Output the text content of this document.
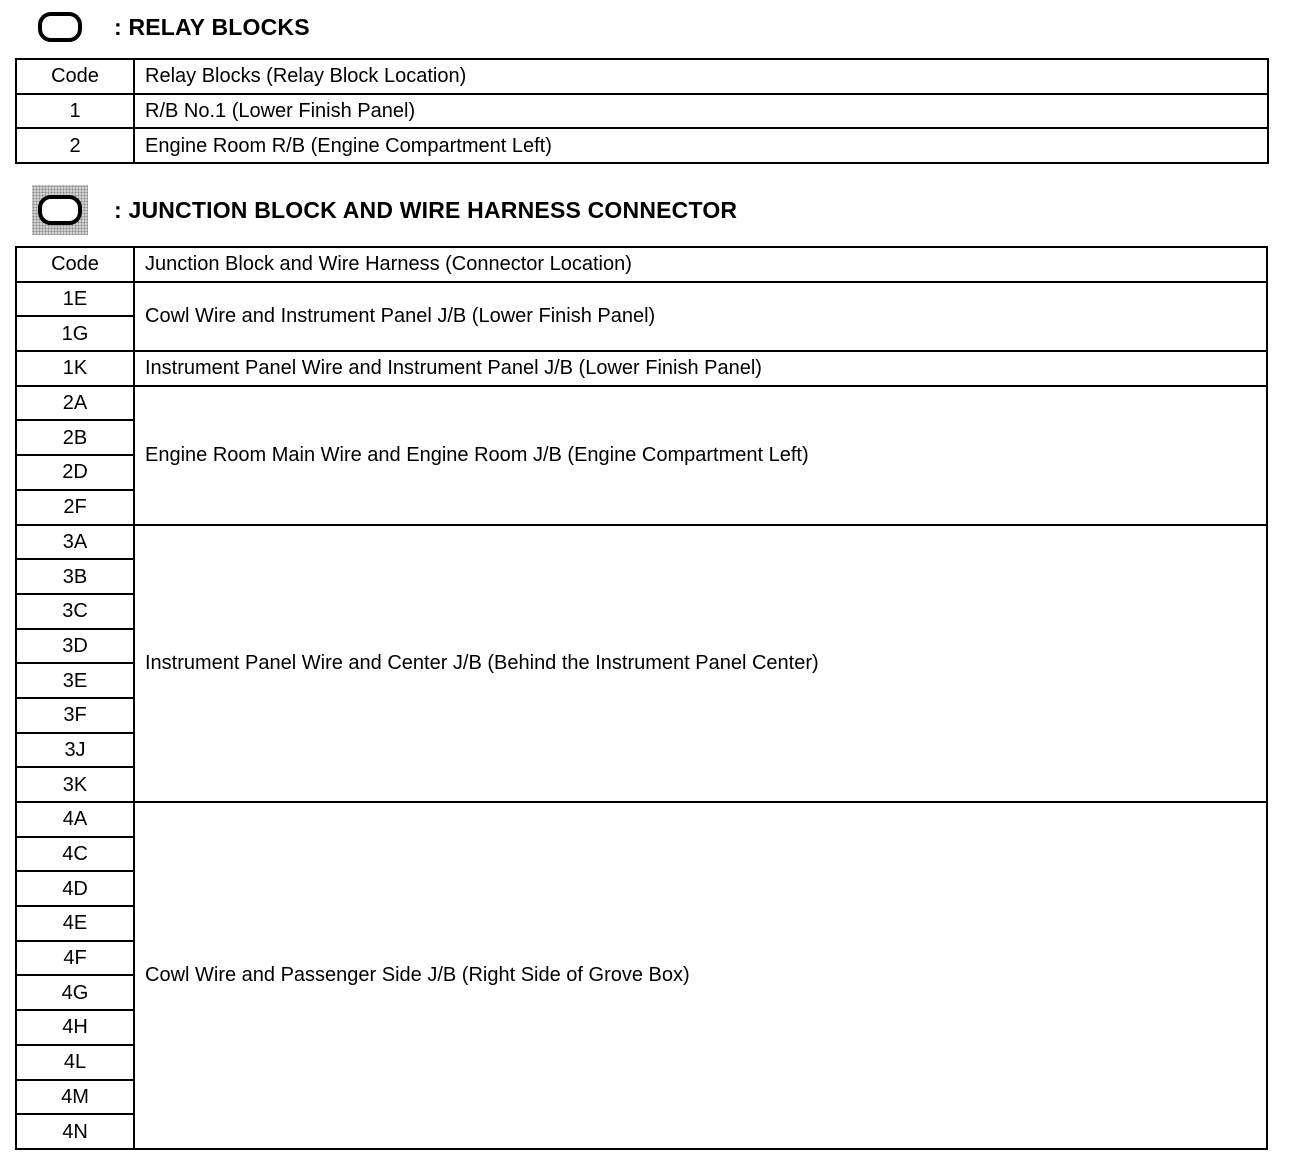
: RELAY BLOCKS
Code	Relay Blocks (Relay Block Location)
1	R/B No.1 (Lower Finish Panel)
2	Engine Room R/B (Engine Compartment Left)
: JUNCTION BLOCK AND WIRE HARNESS CONNECTOR
Code	Junction Block and Wire Harness (Connector Location)
1E	Cowl Wire and Instrument Panel J/B (Lower Finish Panel)
1G	
1K	Instrument Panel Wire and Instrument Panel J/B (Lower Finish Panel)
2A	Engine Room Main Wire and Engine Room J/B (Engine Compartment Left)
2B	
2D	
2F	
3A	Instrument Panel Wire and Center J/B (Behind the Instrument Panel Center)
3B	
3C	
3D	
3E	
3F	
3J	
3K	
4A	Cowl Wire and Passenger Side J/B (Right Side of Grove Box)
4C	
4D	
4E	
4F	
4G	
4H	
4L	
4M	
4N	
